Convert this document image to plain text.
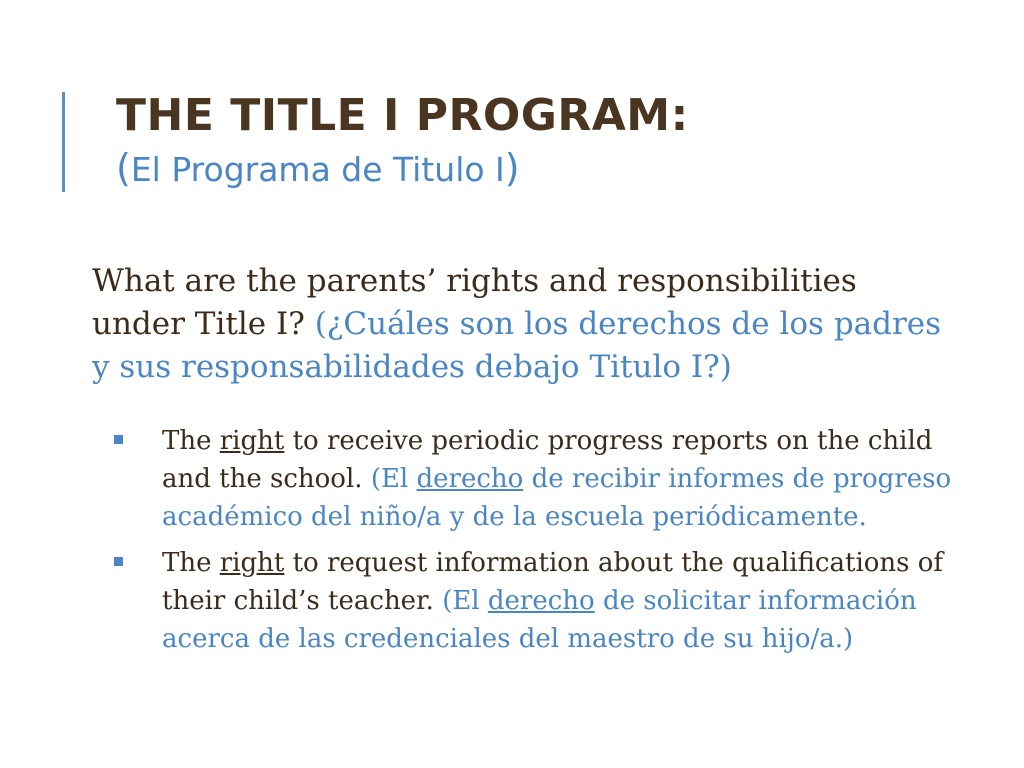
THE TITLE I PROGRAM:

(El Programa de Titulo I)

What are the parents’ rights and responsibilities under Title I? (¿Cuáles son los derechos de los padres y sus responsabilidades debajo Titulo I?)

The right to receive periodic progress reports on the child and the school. (El derecho de recibir informes de progreso académico del niño/a y de la escuela periódicamente.
The right to request information about the qualifications of their child’s teacher. (El derecho de solicitar información acerca de las credenciales del maestro de su hijo/a.)
